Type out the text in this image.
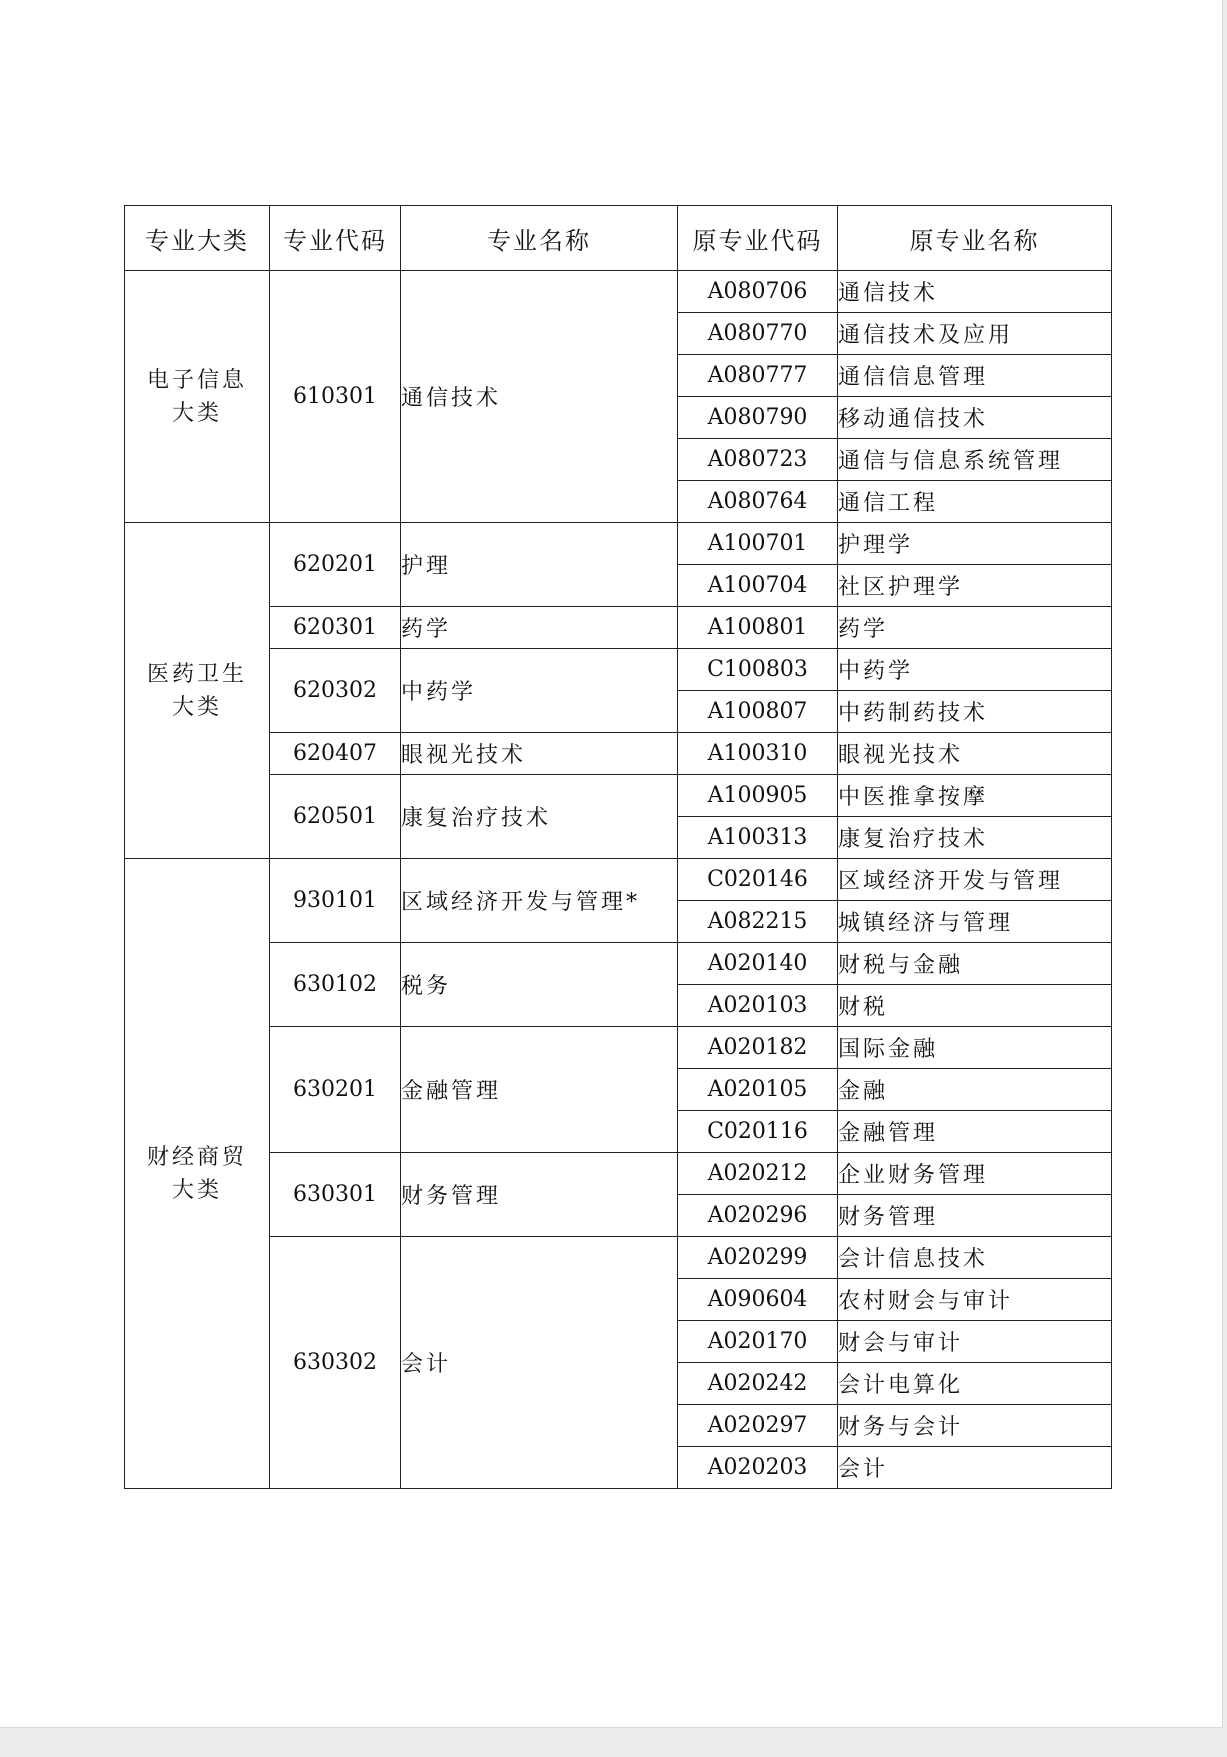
专业大类	专业代码	专业名称	原专业代码	原专业名称

电子信息
大类	610301	通信技术	A080706	通信技术
			A080770	通信技术及应用
			A080777	通信信息管理
			A080790	移动通信技术
			A080723	通信与信息系统管理
			A080764	通信工程

医药卫生
大类	620201	护理	A100701	护理学
			A100704	社区护理学
	620301	药学	A100801	药学
	620302	中药学	C100803	中药学
			A100807	中药制药技术
	620407	眼视光技术	A100310	眼视光技术
	620501	康复治疗技术	A100905	中医推拿按摩
			A100313	康复治疗技术

财经商贸
大类	930101	区域经济开发与管理*	C020146	区域经济开发与管理
			A082215	城镇经济与管理
	630102	税务	A020140	财税与金融
			A020103	财税
	630201	金融管理	A020182	国际金融
			A020105	金融
			C020116	金融管理
	630301	财务管理	A020212	企业财务管理
			A020296	财务管理
	630302	会计	A020299	会计信息技术
			A090604	农村财会与审计
			A020170	财会与审计
			A020242	会计电算化
			A020297	财务与会计
			A020203	会计
